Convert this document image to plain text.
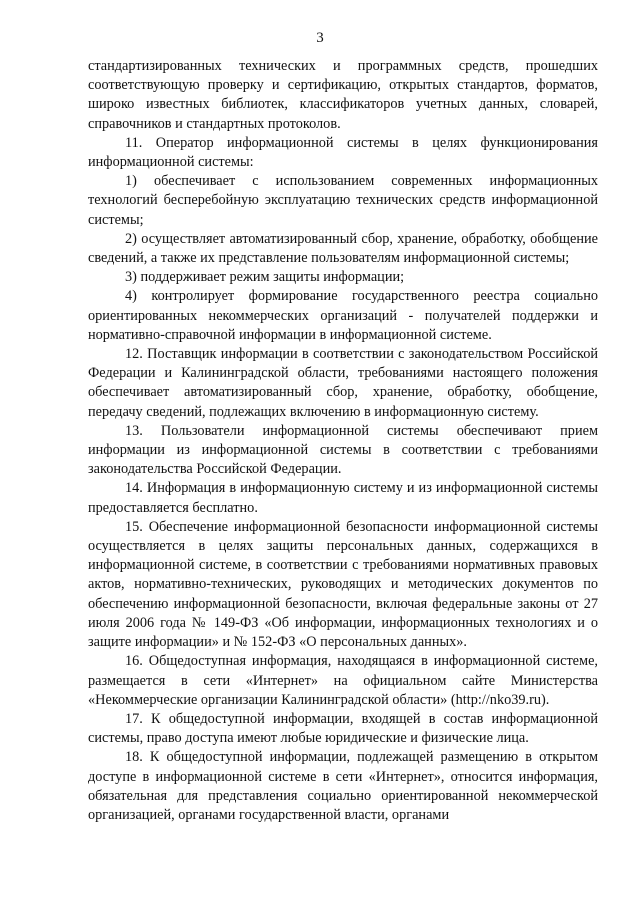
3

стандартизированных технических и программных средств, прошедших соответствующую проверку и сертификацию, открытых стандартов, форматов, широко известных библиотек, классификаторов учетных данных, словарей, справочников и стандартных протоколов.

11. Оператор информационной системы в целях функционирования информационной системы:

1) обеспечивает с использованием современных информационных технологий бесперебойную эксплуатацию технических средств информационной системы;

2) осуществляет автоматизированный сбор, хранение, обработку, обобщение сведений, а также их представление пользователям информационной системы;

3) поддерживает режим защиты информации;

4) контролирует формирование государственного реестра социально ориентированных некоммерческих организаций - получателей поддержки и нормативно-справочной информации в информационной системе.

12. Поставщик информации в соответствии с законодательством Российской Федерации и Калининградской области, требованиями настоящего положения обеспечивает автоматизированный сбор, хранение, обработку, обобщение, передачу сведений, подлежащих включению в информационную систему.

13. Пользователи информационной системы обеспечивают прием информации из информационной системы в соответствии с требованиями законодательства Российской Федерации.

14. Информация в информационную систему и из информационной системы предоставляется бесплатно.

15. Обеспечение информационной безопасности информационной системы осуществляется в целях защиты персональных данных, содержащихся в информационной системе, в соответствии с требованиями нормативных правовых актов, нормативно-технических, руководящих и методических документов по обеспечению информационной безопасности, включая федеральные законы от 27 июля 2006 года № 149-ФЗ «Об информации, информационных технологиях и о защите информации» и № 152-ФЗ «О персональных данных».

16. Общедоступная информация, находящаяся в информационной системе, размещается в сети «Интернет» на официальном сайте Министерства «Некоммерческие организации Калининградской области» (http://nko39.ru).

17. К общедоступной информации, входящей в состав информационной системы, право доступа имеют любые юридические и физические лица.

18. К общедоступной информации, подлежащей размещению в открытом доступе в информационной системе в сети «Интернет», относится информация, обязательная для представления социально ориентированной некоммерческой организацией, органами государственной власти, органами
